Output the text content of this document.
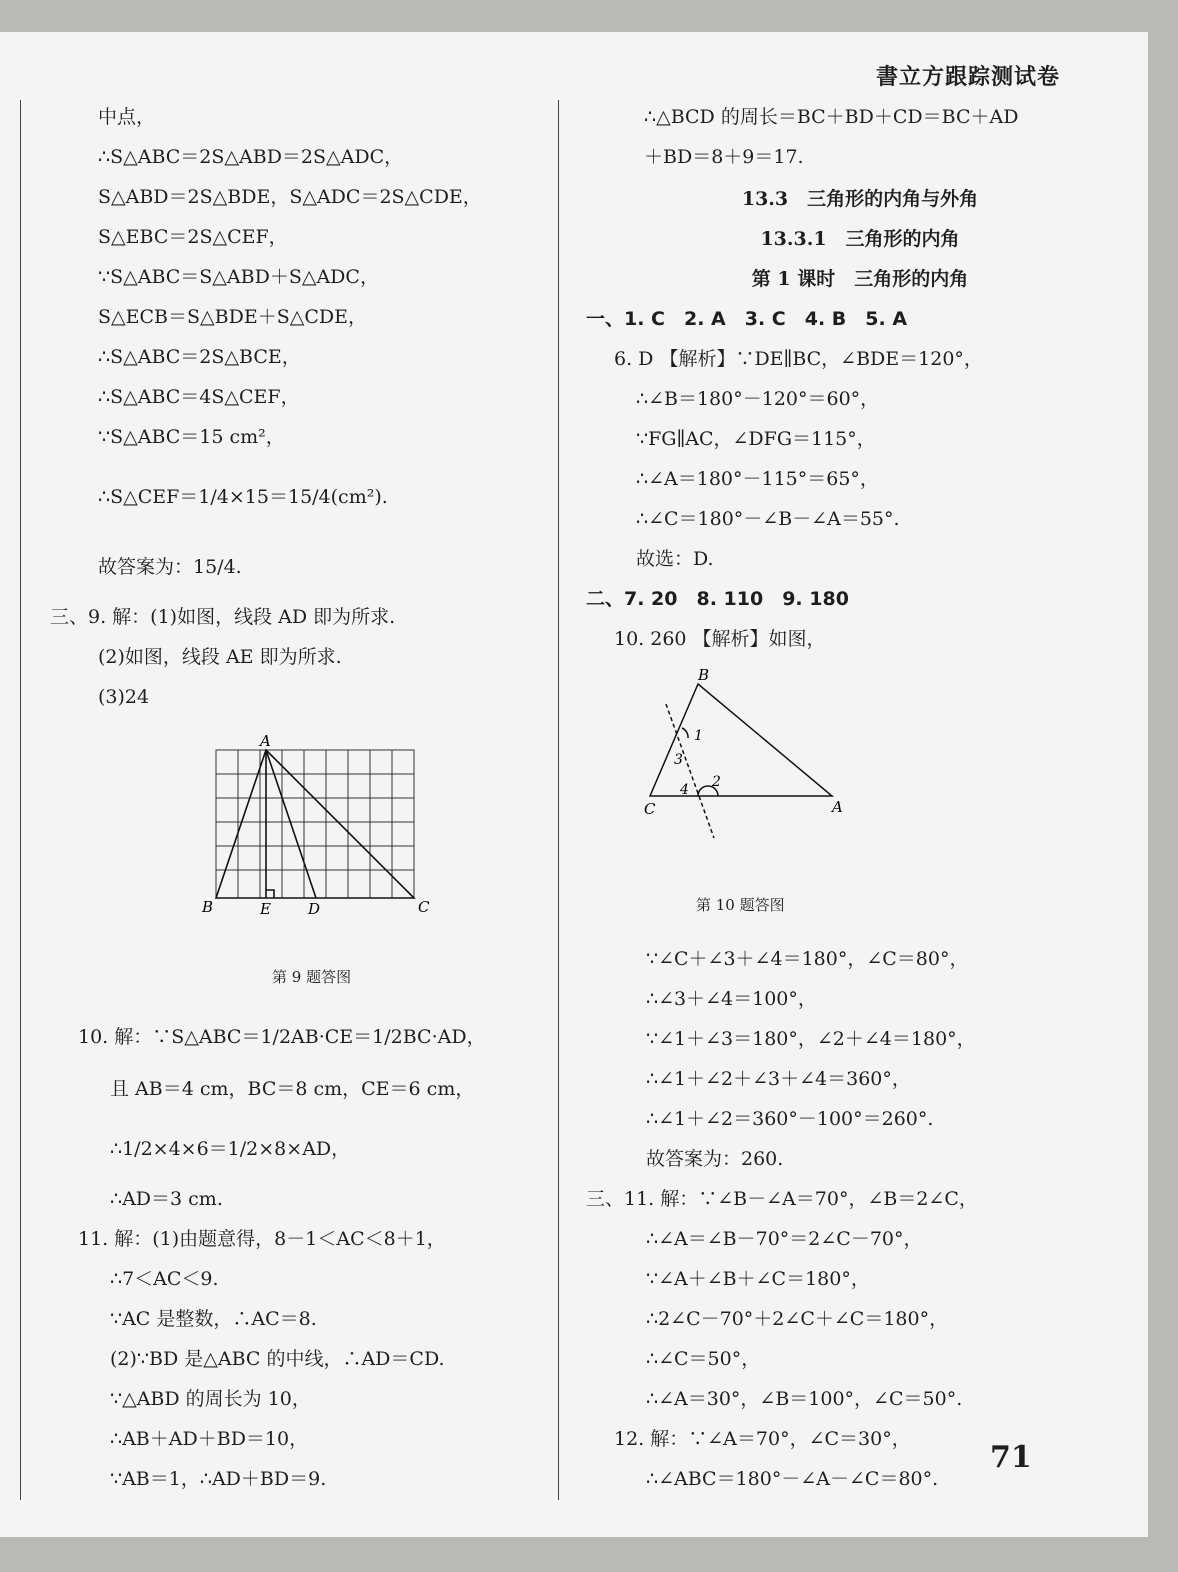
書立方跟踪测试卷
中点，
∴S△ABC＝2S△ABD＝2S△ADC，
S△ABD＝2S△BDE，S△ADC＝2S△CDE，
S△EBC＝2S△CEF，
∵S△ABC＝S△ABD＋S△ADC，
S△ECB＝S△BDE＋S△CDE，
∴S△ABC＝2S△BCE，
∴S△ABC＝4S△CEF，
∵S△ABC＝15 cm²，
∴S△CEF＝1/4×15＝15/4(cm²).
故答案为：15/4.
三、9. 解：(1)如图，线段 AD 即为所求.
(2)如图，线段 AE 即为所求.
(3)24
A
B	C
D
E
第 9 题答图
10. 解：∵S△ABC＝1/2AB·CE＝1/2BC·AD，
且 AB＝4 cm，BC＝8 cm，CE＝6 cm，
∴1/2×4×6＝1/2×8×AD，
∴AD＝3 cm.
11. 解：(1)由题意得，8－1＜AC＜8＋1，
∴7＜AC＜9.
∵AC 是整数，∴AC＝8.
(2)∵BD 是△ABC 的中线，∴AD＝CD.
∵△ABD 的周长为 10，
∴AB＋AD＋BD＝10，
∵AB＝1，∴AD＋BD＝9.
∴△BCD 的周长＝BC＋BD＋CD＝BC＋AD
＋BD＝8＋9＝17.
13.3　三角形的内角与外角
13.3.1　三角形的内角
第 1 课时　三角形的内角
一、1. C　2. A　3. C　4. B　5. A
6. D 【解析】∵DE∥BC，∠BDE＝120°，
∴∠B＝180°－120°＝60°，
∵FG∥AC，∠DFG＝115°，
∴∠A＝180°－115°＝65°，
∴∠C＝180°－∠B－∠A＝55°.
故选：D.
二、7. 20　8. 110　9. 180
10. 260 【解析】如图，
B
C	A
1
2
3
4
第 10 题答图
∵∠C＋∠3＋∠4＝180°，∠C＝80°，
∴∠3＋∠4＝100°，
∵∠1＋∠3＝180°，∠2＋∠4＝180°，
∴∠1＋∠2＋∠3＋∠4＝360°，
∴∠1＋∠2＝360°－100°＝260°.
故答案为：260.
三、11. 解：∵∠B－∠A＝70°，∠B＝2∠C，
∴∠A＝∠B－70°＝2∠C－70°，
∵∠A＋∠B＋∠C＝180°，
∴2∠C－70°＋2∠C＋∠C＝180°，
∴∠C＝50°，
∴∠A＝30°，∠B＝100°，∠C＝50°.
12. 解：∵∠A＝70°，∠C＝30°，
∴∠ABC＝180°－∠A－∠C＝80°.
71
